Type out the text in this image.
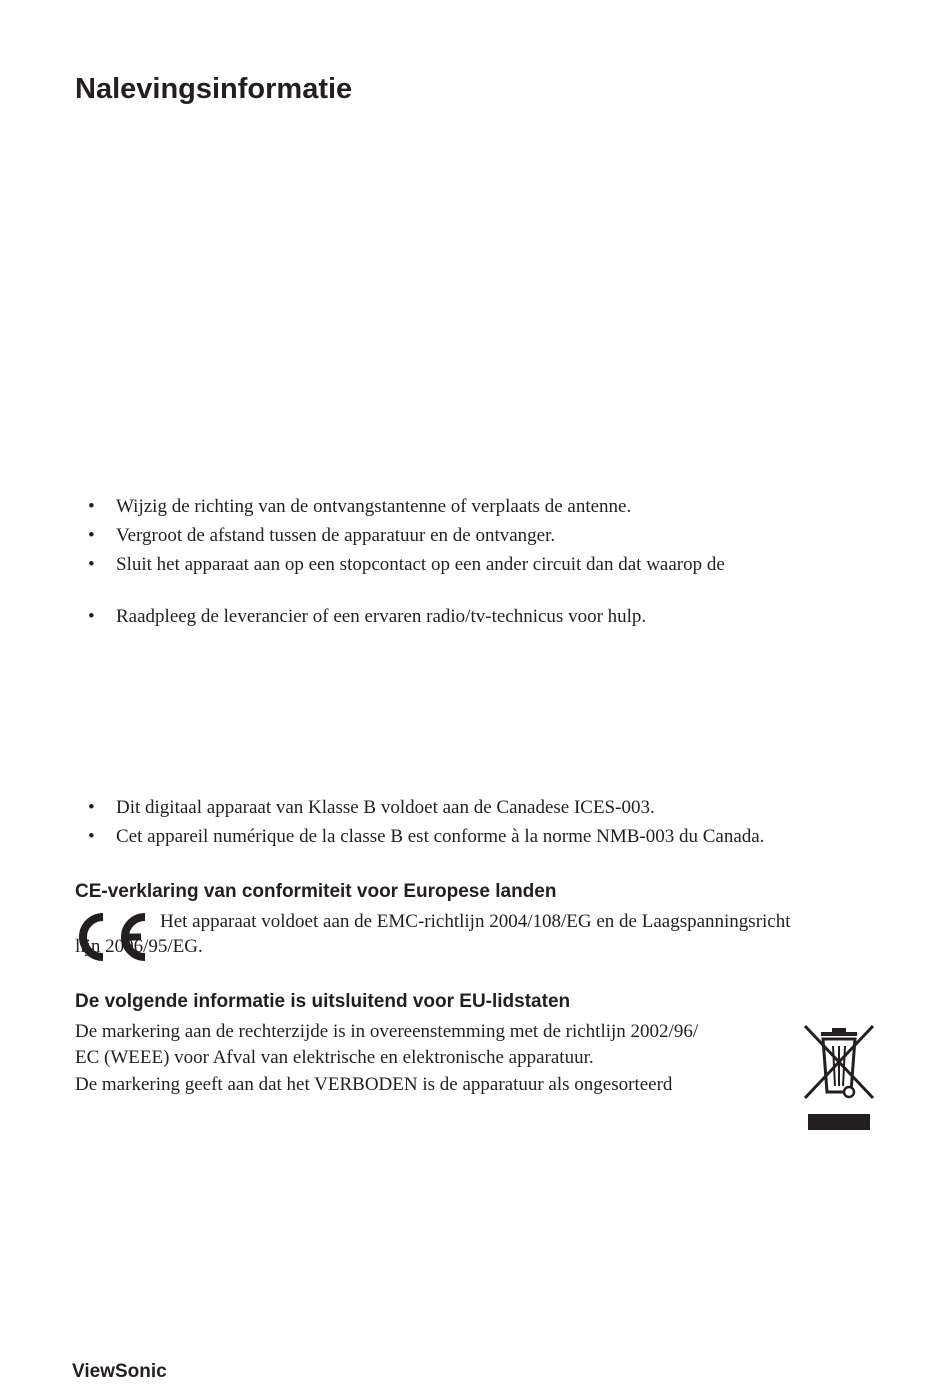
Nalevingsinformatie
• Wijzig de richting van de ontvangstantenne of verplaats de antenne.
• Vergroot de afstand tussen de apparatuur en de ontvanger.
• Sluit het apparaat aan op een stopcontact op een ander circuit dan dat waarop de
• Raadpleeg de leverancier of een ervaren radio/tv-technicus voor hulp.
• Dit digitaal apparaat van Klasse B voldoet aan de Canadese ICES-003.
• Cet appareil numérique de la classe B est conforme à la norme NMB-003 du Canada.
CE-verklaring van conformiteit voor Europese landen

Het apparaat voldoet aan de EMC-richtlijn 2004/108/EG en de Laagspanningsricht

lijn 2006/95/EG.

De volgende informatie is uitsluitend voor EU-lidstaten

De markering aan de rechterzijde is in overeenstemming met de richtlijn 2002/96/

EC (WEEE) voor Afval van elektrische en elektronische apparatuur.

De markering geeft aan dat het VERBODEN is de apparatuur als ongesorteerd

ViewSonic
